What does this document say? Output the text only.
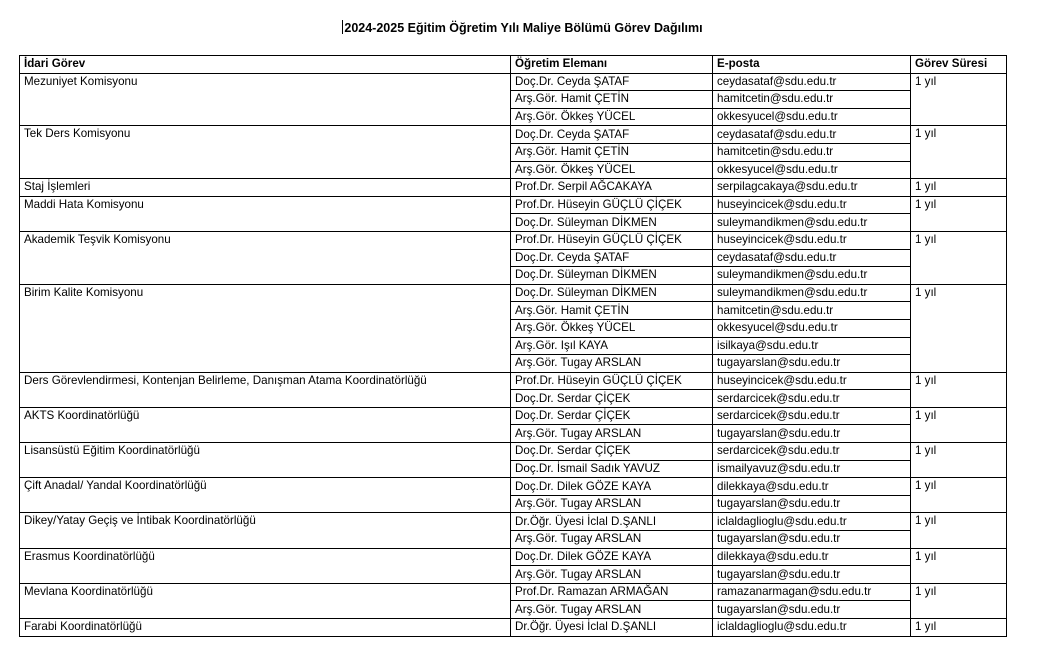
2024-2025 Eğitim Öğretim Yılı Maliye Bölümü Görev Dağılımı
İdari Görev	Öğretim Elemanı	E-posta	Görev Süresi
Mezuniyet Komisyonu	Doç.Dr. Ceyda ŞATAF	ceydasataf@sdu.edu.tr	1 yıl
	Arş.Gör. Hamit ÇETİN	hamitcetin@sdu.edu.tr	
	Arş.Gör. Ökkeş YÜCEL	okkesyucel@sdu.edu.tr	
Tek Ders Komisyonu	Doç.Dr. Ceyda ŞATAF	ceydasataf@sdu.edu.tr	1 yıl
	Arş.Gör. Hamit ÇETİN	hamitcetin@sdu.edu.tr	
	Arş.Gör. Ökkeş YÜCEL	okkesyucel@sdu.edu.tr	
Staj İşlemleri	Prof.Dr. Serpil AĞCAKAYA	serpilagcakaya@sdu.edu.tr	1 yıl
Maddi Hata Komisyonu	Prof.Dr. Hüseyin GÜÇLÜ ÇİÇEK	huseyincicek@sdu.edu.tr	1 yıl
	Doç.Dr. Süleyman DİKMEN	suleymandikmen@sdu.edu.tr	
Akademik Teşvik Komisyonu	Prof.Dr. Hüseyin GÜÇLÜ ÇİÇEK	huseyincicek@sdu.edu.tr	1 yıl
	Doç.Dr. Ceyda ŞATAF	ceydasataf@sdu.edu.tr	
	Doç.Dr. Süleyman DİKMEN	suleymandikmen@sdu.edu.tr	
Birim Kalite Komisyonu	Doç.Dr. Süleyman DİKMEN	suleymandikmen@sdu.edu.tr	1 yıl
	Arş.Gör. Hamit ÇETİN	hamitcetin@sdu.edu.tr	
	Arş.Gör. Ökkeş YÜCEL	okkesyucel@sdu.edu.tr	
	Arş.Gör. Işıl KAYA	isilkaya@sdu.edu.tr	
	Arş.Gör. Tugay ARSLAN	tugayarslan@sdu.edu.tr	
Ders Görevlendirmesi, Kontenjan Belirleme, Danışman Atama Koordinatörlüğü	Prof.Dr. Hüseyin GÜÇLÜ ÇİÇEK	huseyincicek@sdu.edu.tr	1 yıl
	Doç.Dr. Serdar ÇİÇEK	serdarcicek@sdu.edu.tr	
AKTS Koordinatörlüğü	Doç.Dr. Serdar ÇİÇEK	serdarcicek@sdu.edu.tr	1 yıl
	Arş.Gör. Tugay ARSLAN	tugayarslan@sdu.edu.tr	
Lisansüstü Eğitim Koordinatörlüğü	Doç.Dr. Serdar ÇİÇEK	serdarcicek@sdu.edu.tr	1 yıl
	Doç.Dr. İsmail Sadık YAVUZ	ismailyavuz@sdu.edu.tr	
Çift Anadal/ Yandal Koordinatörlüğü	Doç.Dr. Dilek GÖZE KAYA	dilekkaya@sdu.edu.tr	1 yıl
	Arş.Gör. Tugay ARSLAN	tugayarslan@sdu.edu.tr	
Dikey/Yatay Geçiş ve İntibak Koordinatörlüğü	Dr.Öğr. Üyesi İclal D.ŞANLI	iclaldaglioglu@sdu.edu.tr	1 yıl
	Arş.Gör. Tugay ARSLAN	tugayarslan@sdu.edu.tr	
Erasmus Koordinatörlüğü	Doç.Dr. Dilek GÖZE KAYA	dilekkaya@sdu.edu.tr	1 yıl
	Arş.Gör. Tugay ARSLAN	tugayarslan@sdu.edu.tr	
Mevlana Koordinatörlüğü	Prof.Dr. Ramazan ARMAĞAN	ramazanarmagan@sdu.edu.tr	1 yıl
	Arş.Gör. Tugay ARSLAN	tugayarslan@sdu.edu.tr	
Farabi Koordinatörlüğü	Dr.Öğr. Üyesi İclal D.ŞANLI	iclaldaglioglu@sdu.edu.tr	1 yıl
